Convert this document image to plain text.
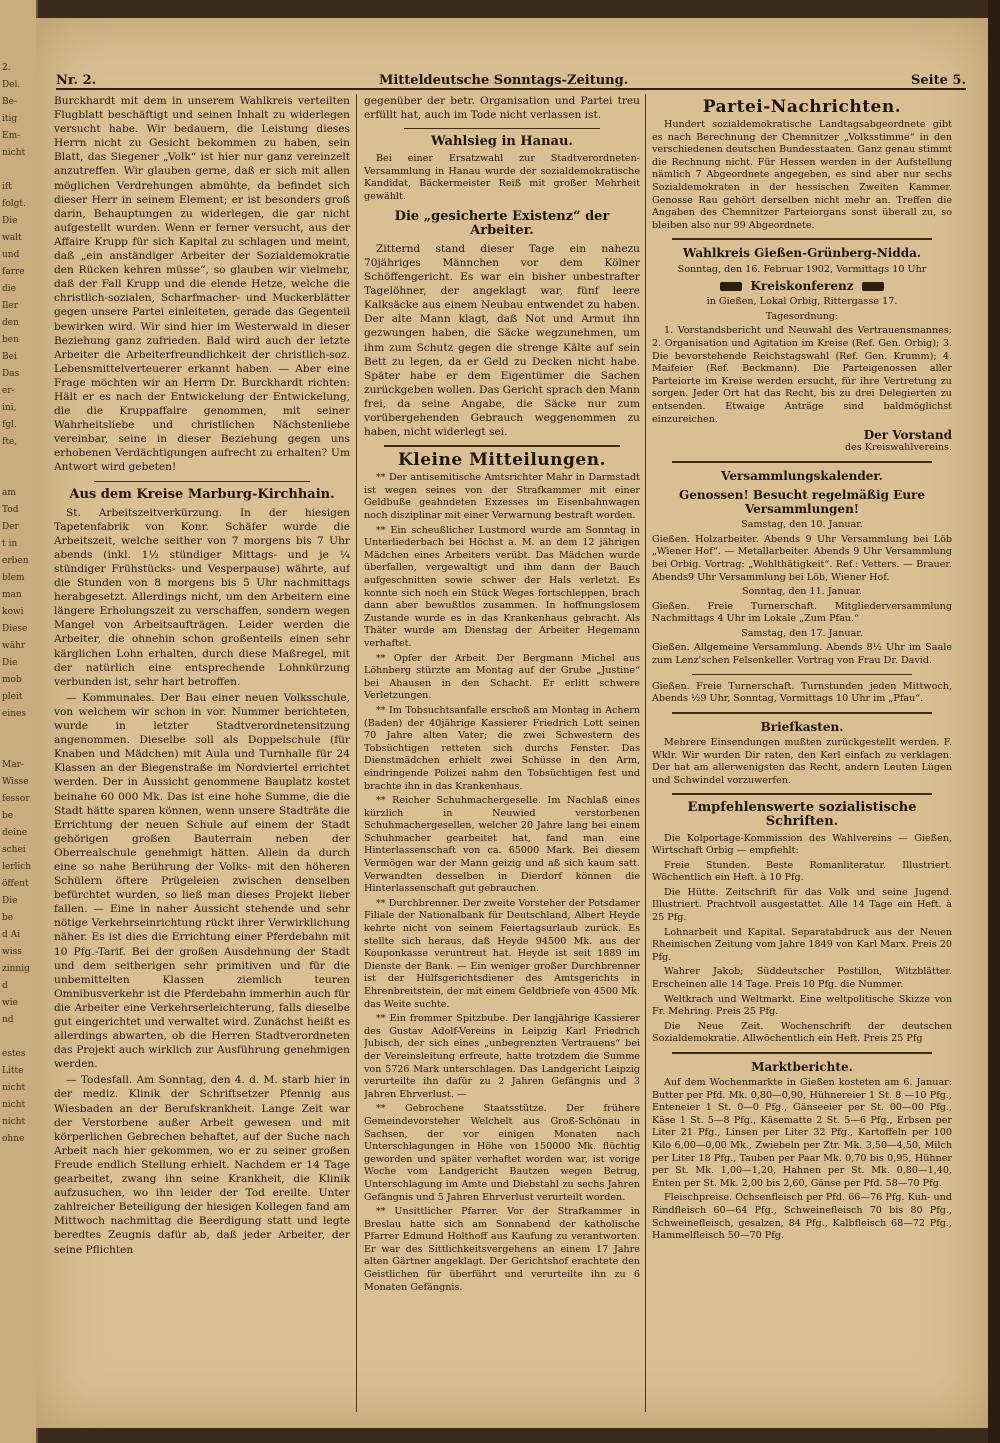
2.
Dei.
Be-
itig
Em-
nicht

ift
folgt.
Die
walt
und
farre
die
Iler
den
ben
Bei
Das
er-
ini,
fgl.
fte,

am
Tod
Der
t in
erben
blem
man
kowi
Diese
währ
Die
mob
pleit
eines

Mar-
Wisse
fessor
be
deine
schei
lerlich
öffent
Die
be
d Ai
wiss
zinnig
d
wie
nd

estes
Litte
nicht
nicht
nicht
ohne
Nr. 2.	Mitteldeutsche Sonntags-Zeitung.	Seite 5.

Burckhardt mit dem in unserem Wahlkreis verteilten Flugblatt beschäftigt und seinen Inhalt zu widerlegen versucht habe. Wir bedauern, die Leistung dieses Herrn nicht zu Gesicht bekommen zu haben, sein Blatt, das Siegener „Volk“ ist hier nur ganz vereinzelt anzutreffen. Wir glauben gerne, daß er sich mit allen möglichen Verdrehungen abmühte, da befindet sich dieser Herr in seinem Element; er ist besonders groß darin, Behauptungen zu widerlegen, die gar nicht aufgestellt wurden. Wenn er ferner versucht, aus der Affaire Krupp für sich Kapital zu schlagen und meint, daß „ein anständiger Arbeiter der Sozialdemokratie den Rücken kehren müsse“, so glauben wir vielmehr, daß der Fall Krupp und die elende Hetze, welche die christlich-sozialen, Scharfmacher- und Muckerblätter gegen unsere Partei einleiteten, gerade das Gegenteil bewirken wird. Wir sind hier im Westerwald in dieser Beziehung ganz zufrieden. Bald wird auch der letzte Arbeiter die Arbeiterfreundlichkeit der christlich-soz. Lebensmittelverteuerer erkannt haben. — Aber eine Frage möchten wir an Herrn Dr. Burckhardt richten: Hält er es nach der Entwickelung der Entwickelung, die die Kruppaffaire genommen, mit seiner Wahrheitsliebe und christlichen Nächstenliebe vereinbar, seine in dieser Beziehung gegen uns erhobenen Verdächtigungen aufrecht zu erhalten? Um Antwort wird gebeten!

Aus dem Kreise Marburg-Kirchhain.

St. Arbeitszeitverkürzung. In der hiesigen Tapetenfabrik von Konr. Schäfer wurde die Arbeitszeit, welche seither von 7 morgens bis 7 Uhr abends (inkl. 1½ stündiger Mittags- und je ¼ stündiger Frühstücks- und Vesperpause) währte, auf die Stunden von 8 morgens bis 5 Uhr nachmittags herabgesetzt. Allerdings nicht, um den Arbeitern eine längere Erholungszeit zu verschaffen, sondern wegen Mangel von Arbeitsaufträgen. Leider werden die Arbeiter, die ohnehin schon großenteils einen sehr kärglichen Lohn erhalten, durch diese Maßregel, mit der natürlich eine entsprechende Lohnkürzung verbunden ist, sehr hart betroffen.

— Kommunales. Der Bau einer neuen Volksschule, von welchem wir schon in vor. Nummer berichteten, wurde in letzter Stadtverordnetensitzung angenommen. Dieselbe soll als Doppelschule (für Knaben und Mädchen) mit Aula und Turnhalle für 24 Klassen an der Biegenstraße im Nordviertel errichtet werden. Der in Aussicht genommene Bauplatz kostet beinahe 60 000 Mk. Das ist eine hohe Summe, die die Stadt hätte sparen können, wenn unsere Stadträte die Errichtung der neuen Schule auf einem der Stadt gehörigen großen Bauterrain neben der Oberrealschule genehmigt hätten. Allein da durch eine so nahe Berührung der Volks- mit den höheren Schülern öftere Prügeleien zwischen denselben befürchtet wurden, so ließ man dieses Projekt lieber fallen. — Eine in naher Aussicht stehende und sehr nötige Verkehrseinrichtung rückt ihrer Verwirklichung näher. Es ist dies die Errichtung einer Pferdebahn mit 10 Pfg.-Tarif. Bei der großen Ausdehnung der Stadt und dem seitherigen sehr primitiven und für die unbemittelten Klassen ziemlich teuren Omnibusverkehr ist die Pferdebahn immerhin auch für die Arbeiter eine Verkehrserleichterung, falls dieselbe gut eingerichtet und verwaltet wird. Zunächst heißt es allerdings abwarten, ob die Herren Stadtverordneten das Projekt auch wirklich zur Ausführung genehmigen werden.

— Todesfall. Am Sonntag, den 4. d. M. starb hier in der mediz. Klinik der Schriftsetzer Pfennig aus Wiesbaden an der Berufskrankheit. Lange Zeit war der Verstorbene außer Arbeit gewesen und mit körperlichen Gebrechen behaftet, auf der Suche nach Arbeit nach hier gekommen, wo er zu seiner großen Freude endlich Stellung erhielt. Nachdem er 14 Tage gearbeitet, zwang ihn seine Krankheit, die Klinik aufzusuchen, wo ihn leider der Tod ereilte. Unter zahlreicher Beteiligung der hiesigen Kollegen fand am Mittwoch nachmittag die Beerdigung statt und legte beredtes Zeugnis dafür ab, daß jeder Arbeiter, der seine Pflichten

gegenüber der betr. Organisation und Partei treu erfüllt hat, auch im Tode nicht verlassen ist.

Wahlsieg in Hanau.

Bei einer Ersatzwahl zur Stadtverordneten-Versammlung in Hanau wurde der sozialdemokratische Kandidat, Bäckermeister Reiß mit großer Mehrheit gewählt.

Die „gesicherte Existenz“ der Arbeiter.

Zitternd stand dieser Tage ein nahezu 70jähriges Männchen vor dem Kölner Schöffengericht. Es war ein bisher unbestrafter Tagelöhner, der angeklagt war, fünf leere Kalksäcke aus einem Neubau entwendet zu haben. Der alte Mann klagt, daß Not und Armut ihn gezwungen haben, die Säcke wegzunehmen, um ihm zum Schutz gegen die strenge Kälte auf sein Bett zu legen, da er Geld zu Decken nicht habe. Später habe er dem Eigentümer die Sachen zurückgeben wollen. Das Gericht sprach den Mann frei, da seine Angabe, die Säcke nur zum vorübergehenden Gebrauch weggenommen zu haben, nicht widerlegt sei.

Kleine Mitteilungen.

** Der antisemitische Amtsrichter Mahr in Darmstadt ist wegen seines von der Strafkammer mit einer Geldbuße geahndeten Exzesses im Eisenbahnwagen noch disziplinar mit einer Verwarnung bestraft worden.

** Ein scheußlicher Lustmord wurde am Sonntag in Unterliederbach bei Höchst a. M. an dem 12 jährigen Mädchen eines Arbeiters verübt. Das Mädchen wurde überfallen, vergewaltigt und ihm dann der Bauch aufgeschnitten sowie schwer der Hals verletzt. Es konnte sich noch ein Stück Weges fortschleppen, brach dann aber bewußtlos zusammen. In hoffnungslosem Zustande wurde es in das Krankenhaus gebracht. Als Thäter wurde am Dienstag der Arbeiter Hegemann verhaftet.

** Opfer der Arbeit. Der Bergmann Michel aus Löhnberg stürzte am Montag auf der Grube „Justine“ bei Ahausen in den Schacht. Er erlitt schwere Verletzungen.

** Im Tobsuchtsanfalle erschoß am Montag in Achern (Baden) der 40jährige Kassierer Friedrich Lott seinen 70 Jahre alten Vater; die zwei Schwestern des Tobsüchtigen retteten sich durchs Fenster. Das Dienstmädchen erhielt zwei Schüsse in den Arm, eindringende Polizei nahm den Tobsüchtigen fest und brachte ihn in das Krankenhaus.

** Reicher Schuhmachergeselle. Im Nachlaß eines kürzlich in Neuwied verstorbenen Schuhmachergesellen, welcher 20 Jahre lang bei einem Schuhmacher gearbeitet hat, fand man eine Hinterlassenschaft von ca. 65000 Mark. Bei diesem Vermögen war der Mann geizig und aß sich kaum satt. Verwandten desselben in Dierdorf können die Hinterlassenschaft gut gebrauchen.

** Durchbrenner. Der zweite Vorsteher der Potsdamer Filiale der Nationalbank für Deutschland, Albert Heyde kehrte nicht von seinem Feiertagsurlaub zurück. Es stellte sich heraus, daß Heyde 94500 Mk. aus der Kouponkasse veruntreut hat. Heyde ist seit 1889 im Dienste der Bank. — Ein weniger großer Durchbrenner ist der Hülfsgerichtsdiener des Amtsgerichts in Ehrenbreitstein, der mit einem Geldbriefe von 4500 Mk. das Weite suchte.

** Ein frommer Spitzbube. Der langjährige Kassierer des Gustav Adolf-Vereins in Leipzig Karl Friedrich Jubisch, der sich eines „unbegrenzten Vertrauens“ bei der Vereinsleitung erfreute, hatte trotzdem die Summe von 5726 Mark unterschlagen. Das Landgericht Leipzig verurteilte ihn dafür zu 2 Jahren Gefängnis und 3 Jahren Ehrverlust. —

** Gebrochene Staatsstütze. Der frühere Gemeindevorsteher Welchelt aus Groß-Schönau in Sachsen, der vor einigen Monaten nach Unterschlagungen in Höhe von 150000 Mk. flüchtig geworden und später verhaftet worden war, ist vorige Woche vom Landgericht Bautzen wegen Betrug, Unterschlagung im Amte und Diebstahl zu sechs Jahren Gefängnis und 5 Jahren Ehrverlust verurteilt worden.

** Unsittlicher Pfarrer. Vor der Strafkammer in Breslau hatte sich am Sonnabend der katholische Pfarrer Edmund Holthoff aus Kaufung zu verantworten. Er war des Sittlichkeitsvergehens an einem 17 Jahre alten Gärtner angeklagt. Der Gerichtshof erachtete den Geistlichen für überführt und verurteilte ihn zu 6 Monaten Gefängnis.

Partei-Nachrichten.

Hundert sozialdemokratische Landtagsabgeordnete gibt es nach Berechnung der Chemnitzer „Volksstimme“ in den verschiedenen deutschen Bundesstaaten. Ganz genau stimmt die Rechnung nicht. Für Hessen werden in der Aufstellung nämlich 7 Abgeordnete angegeben, es sind aber nur sechs Sozialdemokraten in der hessischen Zweiten Kammer. Genosse Rau gehört derselben nicht mehr an. Treffen die Angaben des Chemnitzer Parteiorgans sonst überall zu, so bleiben also nur 99 Abgeordnete.

Wahlkreis Gießen-Grünberg-Nidda.

Sonntag, den 16. Februar 1902, Vormittags 10 Uhr

Kreiskonferenz

in Gießen, Lokal Orbig, Rittergasse 17.

Tagesordnung:

1. Vorstandsbericht und Neuwahl des Vertrauensmannes; 2. Organisation und Agitation im Kreise (Ref. Gen. Orbig); 3. Die bevorstehende Reichstagswahl (Ref. Gen. Krumm); 4. Maifeier (Ref. Beckmann). Die Parteigenossen aller Parteiorte im Kreise werden ersucht, für ihre Vertretung zu sorgen. Jeder Ort hat das Recht, bis zu drei Delegierten zu entsenden. Etwaige Anträge sind baldmöglichst einzureichen.

Der Vorstand

des Kreiswahlvereins.

Versammlungskalender.
Genossen! Besucht regelmäßig Eure Versammlungen!

Samstag, den 10. Januar.

Gießen. Holzarbeiter. Abends 9 Uhr Versammlung bei Löb „Wiener Hof“. — Metallarbeiter. Abends 9 Uhr Versammlung bei Orbig. Vortrag: „Wohlthätigkeit“. Ref.: Vetters. — Brauer. Abends9 Uhr Versammlung bei Löb, Wiener Hof.

Sonntag, den 11. Januar.

Gießen. Freie Turnerschaft. Mitgliederversammlung Nachmittags 4 Uhr im Lokale „Zum Pfau.“

Samstag, den 17. Januar.

Gießen. Allgemeine Versammlung. Abends 8½ Uhr im Saale zum Lenz'schen Felsenkeller. Vortrag von Frau Dr. David.

Gießen. Freie Turnerschaft. Turnstunden jeden Mittwoch, Abends ½9 Uhr, Sonntag, Vormittags 10 Uhr im „Pfau“.

Briefkasten.

Mehrere Einsendungen mußten zurückgestellt werden. F. Wklr. Wir wurden Dir raten, den Kerl einfach zu verklagen. Der hat am allerwenigsten das Recht, andern Leuten Lügen und Schwindel vorzuwerfen.

Empfehlenswerte sozialistische Schriften.

Die Kolportage-Kommission des Wahlvereins — Gießen, Wirtschaft Orbig — empfiehlt:

Freie Stunden. Beste Romanliteratur. Illustriert. Wöchentlich ein Heft. à 10 Pfg.

Die Hütte. Zeitschrift für das Volk und seine Jugend. Illustriert. Prachtvoll ausgestattet. Alle 14 Tage ein Heft. à 25 Pfg.

Lohnarbeit und Kapital. Separatabdruck aus der Neuen Rheinischen Zeitung vom Jahre 1849 von Karl Marx. Preis 20 Pfg.

Wahrer Jakob; Süddeutscher Postillon, Witzblätter. Erscheinen alle 14 Tage. Preis 10 Pfg. die Nummer.

Weltkrach und Weltmarkt. Eine weltpolitische Skizze von Fr. Mehring. Preis 25 Pfg.

Die Neue Zeit. Wochenschrift der deutschen Sozialdemokratie. Allwöchentlich ein Heft. Preis 25 Pfg

Marktberichte.

Auf dem Wochenmarkte in Gießen kosteten am 6. Januar: Butter per Pfd. Mk. 0,80—0,90, Hühnereier 1 St. 8 —10 Pfg., Enteneier 1 St. 0—0 Pfg., Gänseeier per St. 00—00 Pfg., Käse 1 St. 5—8 Pfg., Käsematte 2 St. 5—6 Pfg., Erbsen per Liter 21 Pfg., Linsen per Liter 32 Pfg., Kartoffeln per 100 Kilo 6,00—0,00 Mk., Zwiebeln per Ztr. Mk. 3,50—4,50, Milch per Liter 18 Pfg., Tauben per Paar Mk. 0,70 bis 0,95, Hühner per St. Mk. 1,00—1,20, Hahnen per St. Mk. 0,80—1,40, Enten per St. Mk. 2,00 bis 2,60, Gänse per Pfd. 58—70 Pfg.

Fleischpreise. Ochsenfleisch per Pfd. 66—76 Pfg. Kuh- und Rindfleisch 60—64 Pfg., Schweinefleisch 70 bis 80 Pfg., Schweinefleisch, gesalzen, 84 Pfg., Kalbfleisch 68—72 Pfg., Hammelfleisch 50—70 Pfg.
